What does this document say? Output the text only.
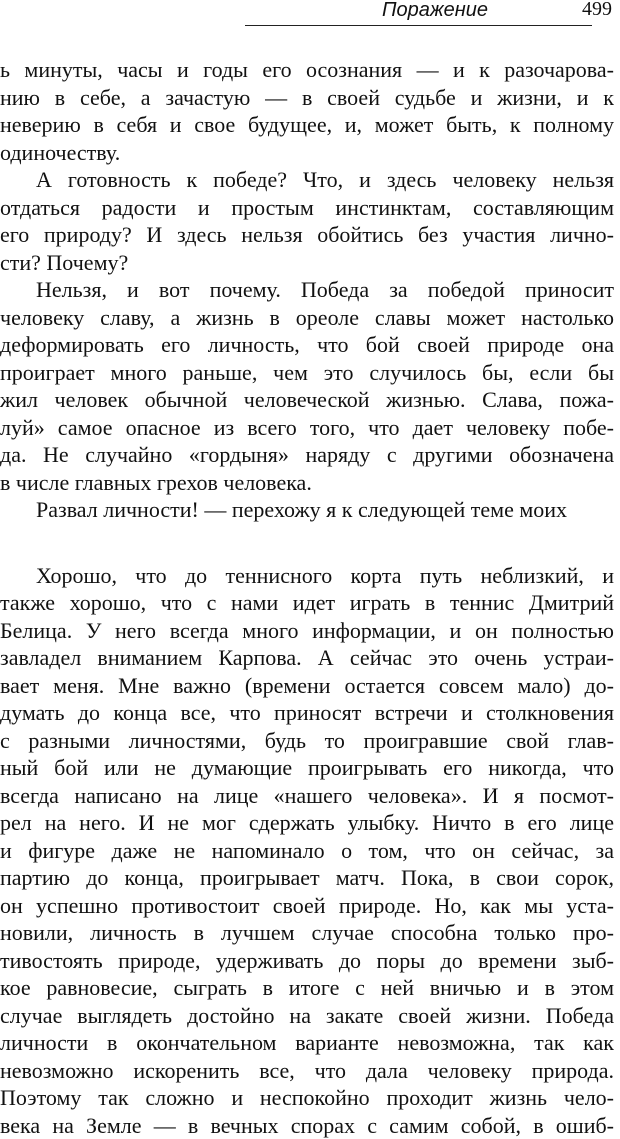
Поражение	499
ь минуты, часы и годы его осознания — и к разочарова-
нию в себе, а зачастую — в своей судьбе и жизни, и к
неверию в себя и свое будущее, и, может быть, к полному
одиночеству.
А готовность к победе? Что, и здесь человеку нельзя
отдаться радости и простым инстинктам, составляющим
его природу? И здесь нельзя обойтись без участия лично-
сти? Почему?
Нельзя, и вот почему. Победа за победой приносит
человеку славу, а жизнь в ореоле славы может настолько
деформировать его личность, что бой своей природе она
проиграет много раньше, чем это случилось бы, если бы
жил человек обычной человеческой жизнью. Слава, пожа-
луй» самое опасное из всего того, что дает человеку побе-
да. Не случайно «гордыня» наряду с другими обозначена
в числе главных грехов человека.
Развал личности! — перехожу я к следующей теме моих
Хорошо, что до теннисного корта путь неблизкий, и
также хорошо, что с нами идет играть в теннис Дмитрий
Белица. У него всегда много информации, и он полностью
завладел вниманием Карпова. А сейчас это очень устраи-
вает меня. Мне важно (времени остается совсем мало) до-
думать до конца все, что приносят встречи и столкновения
с разными личностями, будь то проигравшие свой глав-
ный бой или не думающие проигрывать его никогда, что
всегда написано на лице «нашего человека». И я посмот-
рел на него. И не мог сдержать улыбку. Ничто в его лице
и фигуре даже не напоминало о том, что он сейчас, за
партию до конца, проигрывает матч. Пока, в свои сорок,
он успешно противостоит своей природе. Но, как мы уста-
новили, личность в лучшем случае способна только про-
тивостоять природе, удерживать до поры до времени зыб-
кое равновесие, сыграть в итоге с ней вничью и в этом
случае выглядеть достойно на закате своей жизни. Победа
личности в окончательном варианте невозможна, так как
невозможно искоренить все, что дала человеку природа.
Поэтому так сложно и неспокойно проходит жизнь чело-
века на Земле — в вечных спорах с самим собой, в ошиб-
